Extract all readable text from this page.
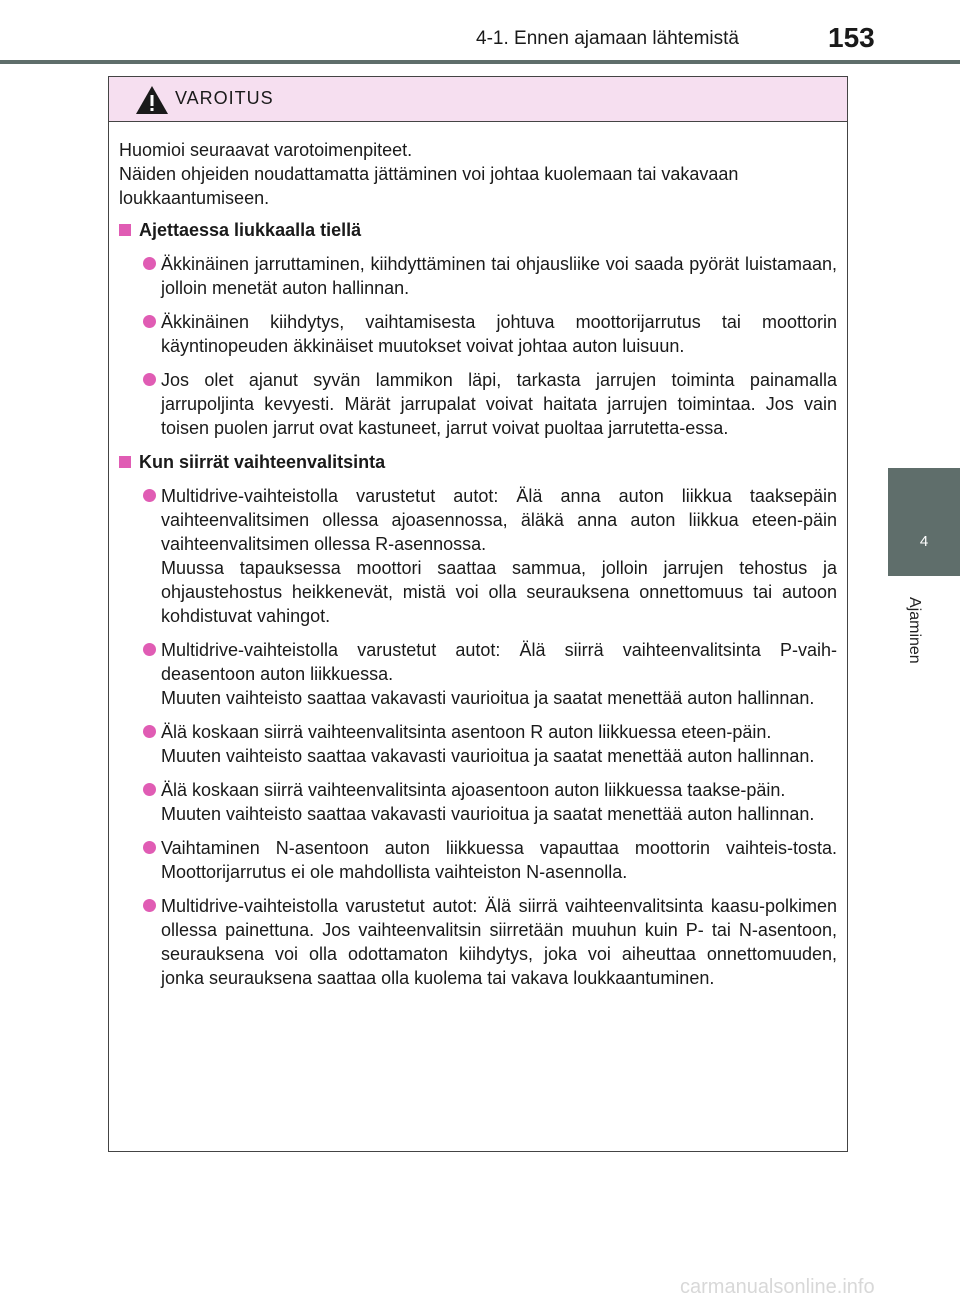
4-1. Ennen ajamaan lähtemistä	153
4
Ajaminen
VAROITUS
Huomioi seuraavat varotoimenpiteet.
Näiden ohjeiden noudattamatta jättäminen voi johtaa kuolemaan tai vakavaan loukkaantumiseen.
Ajettaessa liukkaalla tiellä
Äkkinäinen jarruttaminen, kiihdyttäminen tai ohjausliike voi saada pyörät luistamaan, jolloin menetät auton hallinnan.
Äkkinäinen kiihdytys, vaihtamisesta johtuva moottorijarrutus tai moottorin käyntinopeuden äkkinäiset muutokset voivat johtaa auton luisuun.
Jos olet ajanut syvän lammikon läpi, tarkasta jarrujen toiminta painamalla jarrupoljinta kevyesti. Märät jarrupalat voivat haitata jarrujen toimintaa. Jos vain toisen puolen jarrut ovat kastuneet, jarrut voivat puoltaa jarrutetta-essa.
Kun siirrät vaihteenvalitsinta
Multidrive-vaihteistolla varustetut autot: Älä anna auton liikkua taaksepäin vaihteenvalitsimen ollessa ajoasennossa, äläkä anna auton liikkua eteen-päin vaihteenvalitsimen ollessa R-asennossa.
Muussa tapauksessa moottori saattaa sammua, jolloin jarrujen tehostus ja ohjaustehostus heikkenevät, mistä voi olla seurauksena onnettomuus tai autoon kohdistuvat vahingot.
Multidrive-vaihteistolla varustetut autot: Älä siirrä vaihteenvalitsinta P-vaih-deasentoon auton liikkuessa.
Muuten vaihteisto saattaa vakavasti vaurioitua ja saatat menettää auton hallinnan.
Älä koskaan siirrä vaihteenvalitsinta asentoon R auton liikkuessa eteen-päin.
Muuten vaihteisto saattaa vakavasti vaurioitua ja saatat menettää auton hallinnan.
Älä koskaan siirrä vaihteenvalitsinta ajoasentoon auton liikkuessa taakse-päin.
Muuten vaihteisto saattaa vakavasti vaurioitua ja saatat menettää auton hallinnan.
Vaihtaminen N-asentoon auton liikkuessa vapauttaa moottorin vaihteis-tosta. Moottorijarrutus ei ole mahdollista vaihteiston N-asennolla.
Multidrive-vaihteistolla varustetut autot: Älä siirrä vaihteenvalitsinta kaasu-polkimen ollessa painettuna. Jos vaihteenvalitsin siirretään muuhun kuin P- tai N-asentoon, seurauksena voi olla odottamaton kiihdytys, joka voi aiheuttaa onnettomuuden, jonka seurauksena saattaa olla kuolema tai vakava loukkaantuminen.
carmanualsonline.info
